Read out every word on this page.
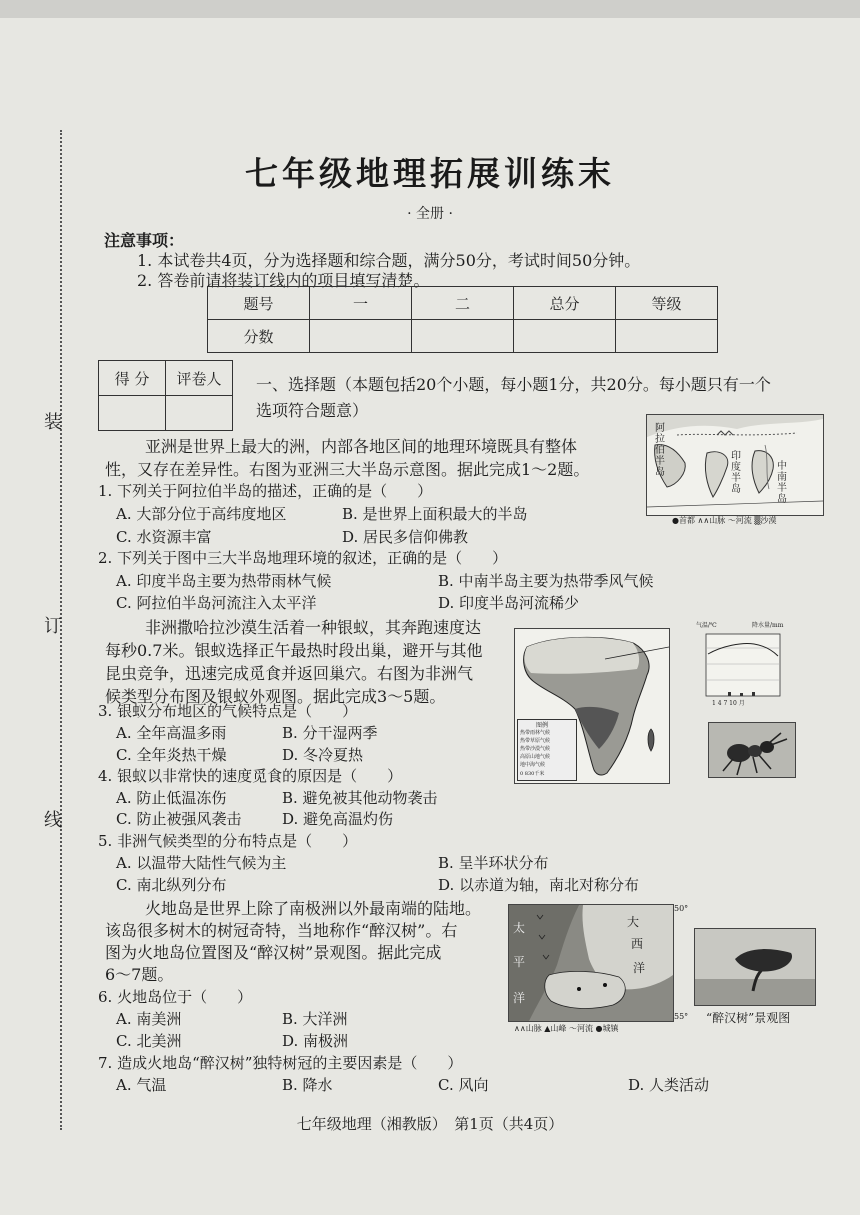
装
订
线
七年级地理拓展训练末
· 全册 ·
注意事项：
1. 本试卷共4页，分为选择题和综合题，满分50分，考试时间50分钟。
2. 答卷前请将装订线内的项目填写清楚。
题号	一	二	总分	等级
分数				
得 分	评卷人
	一、选择题（本题包括20个小题，每小题1分，共20分。每小题只有一个
选项符合题意）
亚洲是世界上最大的洲，内部各地区间的地理环境既具有整体
性，又存在差异性。右图为亚洲三大半岛示意图。据此完成1～2题。
阿拉伯半岛
印度半岛
中南半岛
●首都 ∧∧山脉 〜河流 ▒沙漠
1. 下列关于阿拉伯半岛的描述，正确的是（　　）
A. 大部分位于高纬度地区	B. 是世界上面积最大的半岛
C. 水资源丰富	D. 居民多信仰佛教
2. 下列关于图中三大半岛地理环境的叙述，正确的是（　　）
A. 印度半岛主要为热带雨林气候	B. 中南半岛主要为热带季风气候
C. 阿拉伯半岛河流注入太平洋	D. 印度半岛河流稀少
非洲撒哈拉沙漠生活着一种银蚁，其奔跑速度达
每秒0.7米。银蚁选择正午最热时段出巢，避开与其他
昆虫竞争，迅速完成觅食并返回巢穴。右图为非洲气
候类型分布图及银蚁外观图。据此完成3～5题。
图例
热带雨林气候
热带草原气候
热带沙漠气候
高原山地气候
地中海气候
0 830千米
气温/℃	降水量/mm
1 4 7 10 月
3. 银蚁分布地区的气候特点是（　　）
A. 全年高温多雨	B. 分干湿两季
C. 全年炎热干燥	D. 冬冷夏热
4. 银蚁以非常快的速度觅食的原因是（　　）
A. 防止低温冻伤	B. 避免被其他动物袭击
C. 防止被强风袭击	D. 避免高温灼伤
5. 非洲气候类型的分布特点是（　　）
A. 以温带大陆性气候为主	B. 呈半环状分布
C. 南北纵列分布	D. 以赤道为轴，南北对称分布
火地岛是世界上除了南极洲以外最南端的陆地。
该岛很多树木的树冠奇特，当地称作“醉汉树”。右
图为火地岛位置图及“醉汉树”景观图。据此完成
6～7题。
大
西
洋
太
平
洋
50°
55°
∧∧山脉 ▲山峰 〜河流 ●城镇
“醉汉树”景观图
6. 火地岛位于（　　）
A. 南美洲	B. 大洋洲
C. 北美洲	D. 南极洲
7. 造成火地岛“醉汉树”独特树冠的主要因素是（　　）
A. 气温	B. 降水	C. 风向	D. 人类活动
七年级地理（湘教版）　第1页（共4页）
